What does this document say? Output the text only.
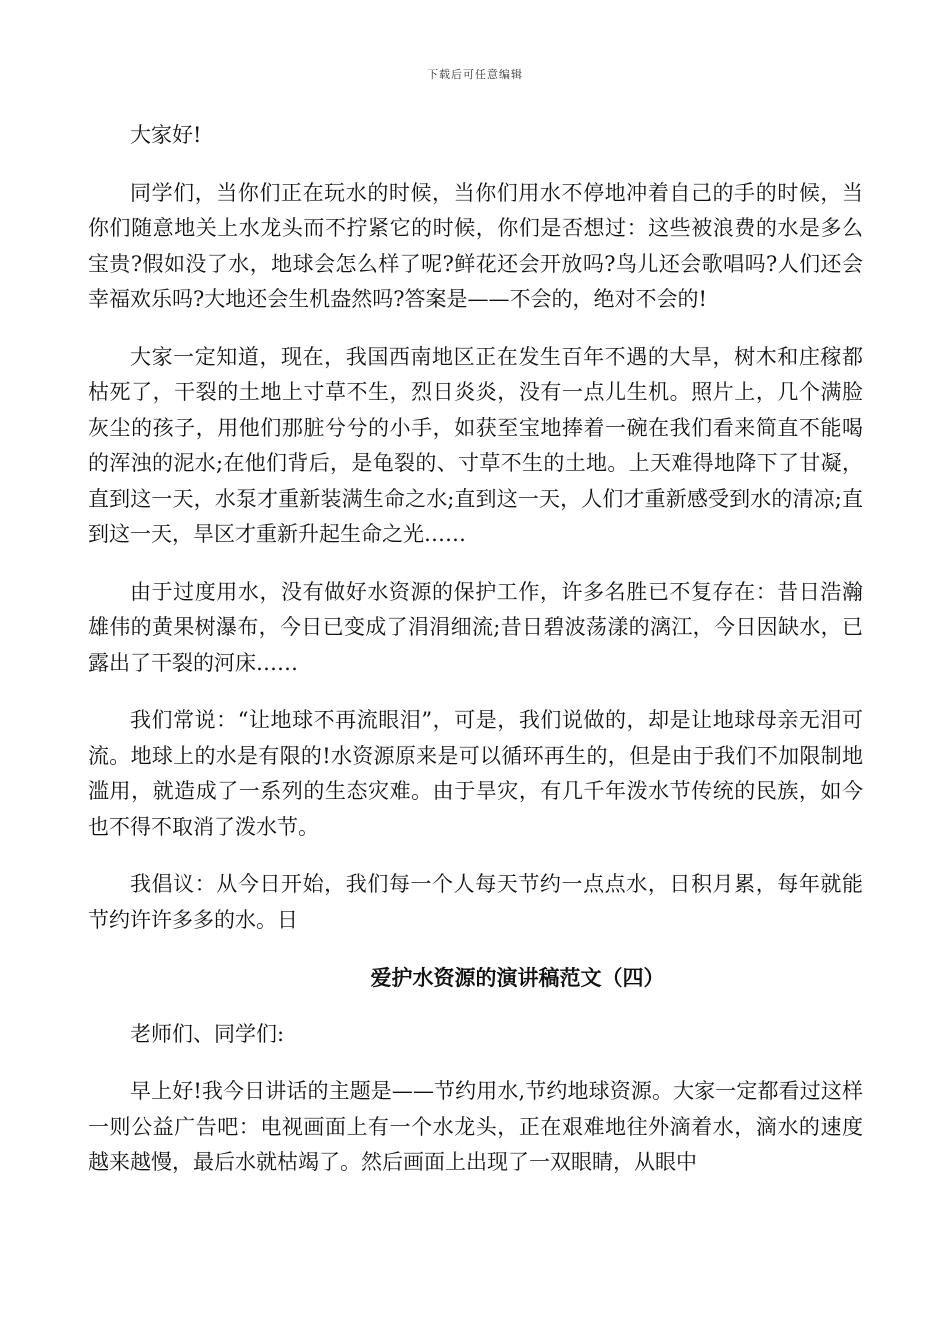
下载后可任意编辑

大家好!

同学们，当你们正在玩水的时候，当你们用水不停地冲着自己的手的时候，当你们随意地关上水龙头而不拧紧它的时候，你们是否想过：这些被浪费的水是多么宝贵?假如没了水，地球会怎么样了呢?鲜花还会开放吗?鸟儿还会歌唱吗?人们还会幸福欢乐吗?大地还会生机盎然吗?答案是——不会的，绝对不会的!

大家一定知道，现在，我国西南地区正在发生百年不遇的大旱，树木和庄稼都枯死了，干裂的土地上寸草不生，烈日炎炎，没有一点儿生机。照片上，几个满脸灰尘的孩子，用他们那脏兮兮的小手，如获至宝地捧着一碗在我们看来简直不能喝的浑浊的泥水;在他们背后，是龟裂的、寸草不生的土地。上天难得地降下了甘凝，直到这一天，水泵才重新装满生命之水;直到这一天，人们才重新感受到水的清凉;直到这一天，旱区才重新升起生命之光……

由于过度用水，没有做好水资源的保护工作，许多名胜已不复存在：昔日浩瀚雄伟的黄果树瀑布，今日已变成了涓涓细流;昔日碧波荡漾的漓江，今日因缺水，已露出了干裂的河床……

我们常说：“让地球不再流眼泪”，可是，我们说做的，却是让地球母亲无泪可流。地球上的水是有限的!水资源原来是可以循环再生的，但是由于我们不加限制地滥用，就造成了一系列的生态灾难。由于旱灾，有几千年泼水节传统的民族，如今也不得不取消了泼水节。

我倡议：从今日开始，我们每一个人每天节约一点点水，日积月累，每年就能节约许许多多的水。日

爱护水资源的演讲稿范文（四）

老师们、同学们:

早上好!我今日讲话的主题是——节约用水,节约地球资源。大家一定都看过这样一则公益广告吧：电视画面上有一个水龙头，正在艰难地往外滴着水，滴水的速度越来越慢，最后水就枯竭了。然后画面上出现了一双眼睛，从眼中
